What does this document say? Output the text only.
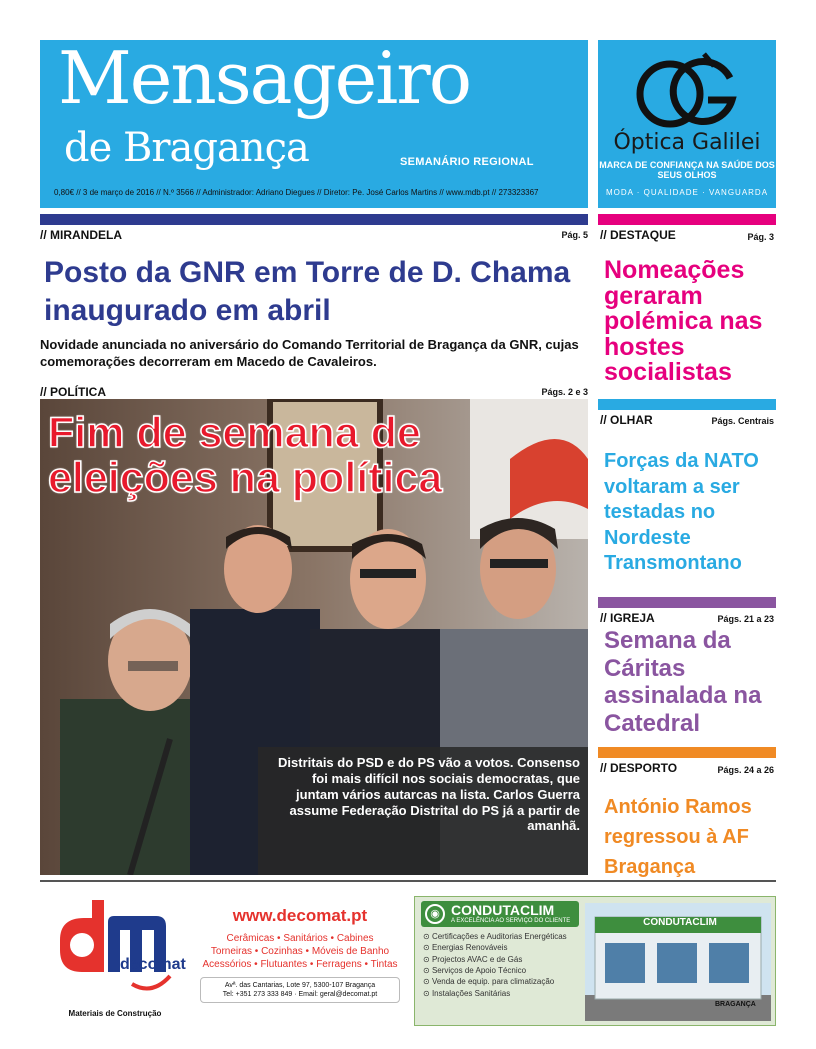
Mensageiro
de Bragança	SEMANÁRIO REGIONAL
0,80€ // 3 de março de 2016 // N.º 3566 // Administrador: Adriano Diegues // Diretor: Pe. José Carlos Martins // www.mdb.pt // 273323367
Óptica Galilei
MARCA DE CONFIANÇA NA SAÚDE DOS SEUS OLHOS
MODA · QUALIDADE · VANGUARDA
// MIRANDELA	Pág. 5
Posto da GNR em Torre de D. Chama inaugurado em abril
Novidade anunciada no aniversário do Comando Territorial de Bragança da GNR, cujas comemorações decorreram em Macedo de Cavaleiros.
// POLÍTICA	Págs. 2 e 3
Fim de semana de eleições na política
Distritais do PSD e do PS vão a votos. Consenso foi mais difícil nos sociais democratas, que juntam vários autarcas na lista. Carlos Guerra assume Federação Distrital do PS já a partir de amanhã.
// DESTAQUE	Pág. 3
Nomeações geraram polémica nas hostes socialistas
// OLHAR	Págs. Centrais
Forças da NATO voltaram a ser testadas no Nordeste Transmontano
// IGREJA	Págs. 21 a 23
Semana da Cáritas assinalada na Catedral
// DESPORTO	Págs. 24 a 26
António Ramos regressou à AF Bragança
decomat
Materiais de Construção
www.decomat.pt
Cerâmicas • Sanitários • Cabines
Torneiras • Cozinhas • Móveis de Banho
Acessórios • Flutuantes • Ferragens • Tintas
Avª. das Cantarias, Lote 97, 5300-107 Bragança
Tel: +351 273 333 849 · Email: geral@decomat.pt
◉ CONDUTACLIM
A EXCELÊNCIA AO SERVIÇO DO CLIENTE
⊙ Certificações e Auditorias Energéticas
⊙ Energias Renováveis
⊙ Projectos AVAC e de Gás
⊙ Serviços de Apoio Técnico
⊙ Venda de equip. para climatização
⊙ Instalações Sanitárias
CONDUTACLIM
BRAGANÇA
